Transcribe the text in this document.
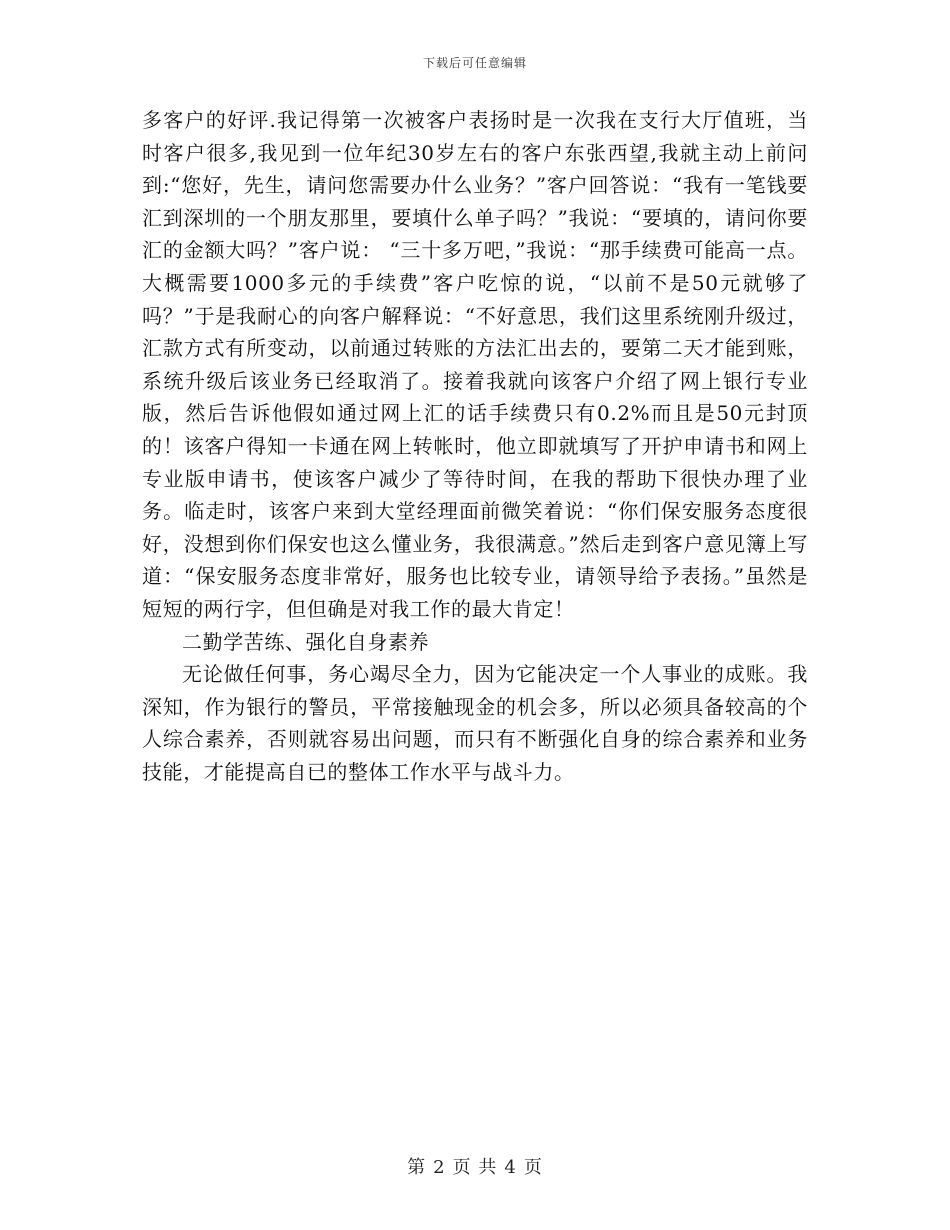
下载后可任意编辑

多客户的好评.我记得第一次被客户表扬时是一次我在支行大厅值班，当时客户很多,我见到一位年纪30岁左右的客户东张西望,我就主动上前问到:“您好，先生，请问您需要办什么业务？”客户回答说：“我有一笔钱要汇到深圳的一个朋友那里，要填什么单子吗？”我说：“要填的，请问你要汇的金额大吗？”客户说： “三十多万吧，”我说：“那手续费可能高一点。大概需要1000多元的手续费”客户吃惊的说，“以前不是50元就够了吗？”于是我耐心的向客户解释说：“不好意思，我们这里系统刚升级过，汇款方式有所变动，以前通过转账的方法汇出去的，要第二天才能到账，系统升级后该业务已经取消了。接着我就向该客户介绍了网上银行专业版，然后告诉他假如通过网上汇的话手续费只有0.2%而且是50元封顶的！该客户得知一卡通在网上转帐时，他立即就填写了开护申请书和网上专业版申请书，使该客户减少了等待时间，在我的帮助下很快办理了业务。临走时，该客户来到大堂经理面前微笑着说：“你们保安服务态度很好，没想到你们保安也这么懂业务，我很满意。”然后走到客户意见簿上写道：“保安服务态度非常好，服务也比较专业，请领导给予表扬。”虽然是短短的两行字，但但确是对我工作的最大肯定！

二勤学苦练、强化自身素养

无论做任何事，务心竭尽全力，因为它能决定一个人事业的成账。我深知，作为银行的警员，平常接触现金的机会多，所以必须具备较高的个人综合素养，否则就容易出问题，而只有不断强化自身的综合素养和业务技能，才能提高自已的整体工作水平与战斗力。

第 2 页 共 4 页
